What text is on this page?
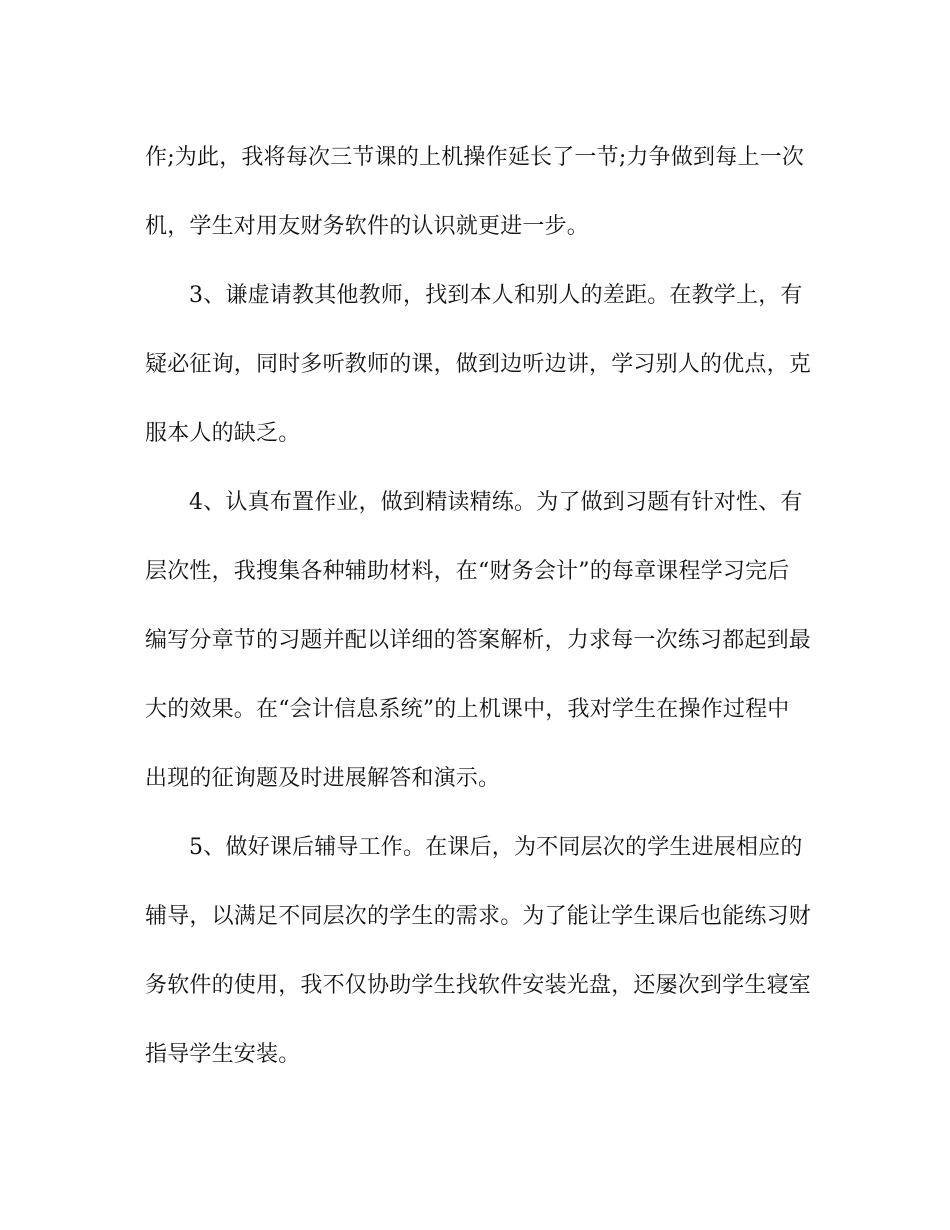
作;为此，我将每次三节课的上机操作延长了一节;力争做到每上一次
机，学生对用友财务软件的认识就更进一步。
3、谦虚请教其他教师，找到本人和别人的差距。在教学上，有
疑必征询，同时多听教师的课，做到边听边讲，学习别人的优点，克
服本人的缺乏。
4、认真布置作业，做到精读精练。为了做到习题有针对性、有
层次性，我搜集各种辅助材料，在“财务会计”的每章课程学习完后
编写分章节的习题并配以详细的答案解析，力求每一次练习都起到最
大的效果。在“会计信息系统”的上机课中，我对学生在操作过程中
出现的征询题及时进展解答和演示。
5、做好课后辅导工作。在课后，为不同层次的学生进展相应的
辅导，以满足不同层次的学生的需求。为了能让学生课后也能练习财
务软件的使用，我不仅协助学生找软件安装光盘，还屡次到学生寝室
指导学生安装。
